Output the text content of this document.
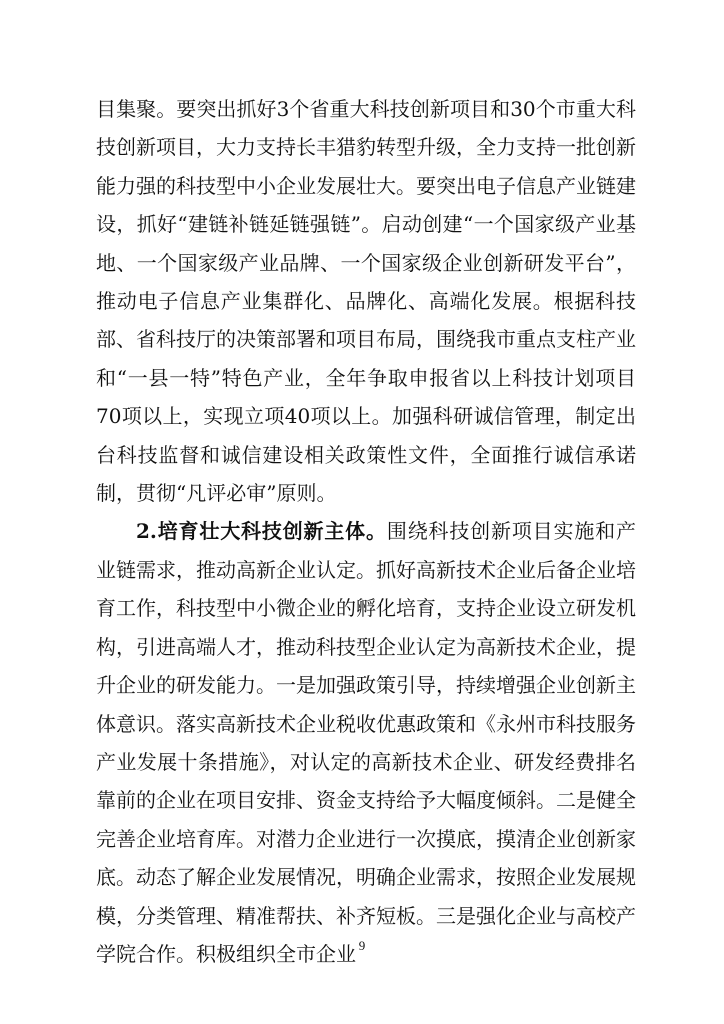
目集聚。要突出抓好3个省重大科技创新项目和30个市重大科技创新项目，大力支持长丰猎豹转型升级，全力支持一批创新能力强的科技型中小企业发展壮大。要突出电子信息产业链建设，抓好“建链补链延链强链”。启动创建“一个国家级产业基地、一个国家级产业品牌、一个国家级企业创新研发平台”，推动电子信息产业集群化、品牌化、高端化发展。根据科技部、省科技厅的决策部署和项目布局，围绕我市重点支柱产业和“一县一特”特色产业，全年争取申报省以上科技计划项目70项以上，实现立项40项以上。加强科研诚信管理，制定出台科技监督和诚信建设相关政策性文件，全面推行诚信承诺制，贯彻“凡评必审”原则。

2.培育壮大科技创新主体。围绕科技创新项目实施和产业链需求，推动高新企业认定。抓好高新技术企业后备企业培育工作，科技型中小微企业的孵化培育，支持企业设立研发机构，引进高端人才，推动科技型企业认定为高新技术企业，提升企业的研发能力。一是加强政策引导，持续增强企业创新主体意识。落实高新技术企业税收优惠政策和《永州市科技服务产业发展十条措施》，对认定的高新技术企业、研发经费排名靠前的企业在项目安排、资金支持给予大幅度倾斜。二是健全完善企业培育库。对潜力企业进行一次摸底，摸清企业创新家底。动态了解企业发展情况，明确企业需求，按照企业发展规模，分类管理、精准帮扶、补齐短板。三是强化企业与高校产学院合作。积极组织全市企业 9
